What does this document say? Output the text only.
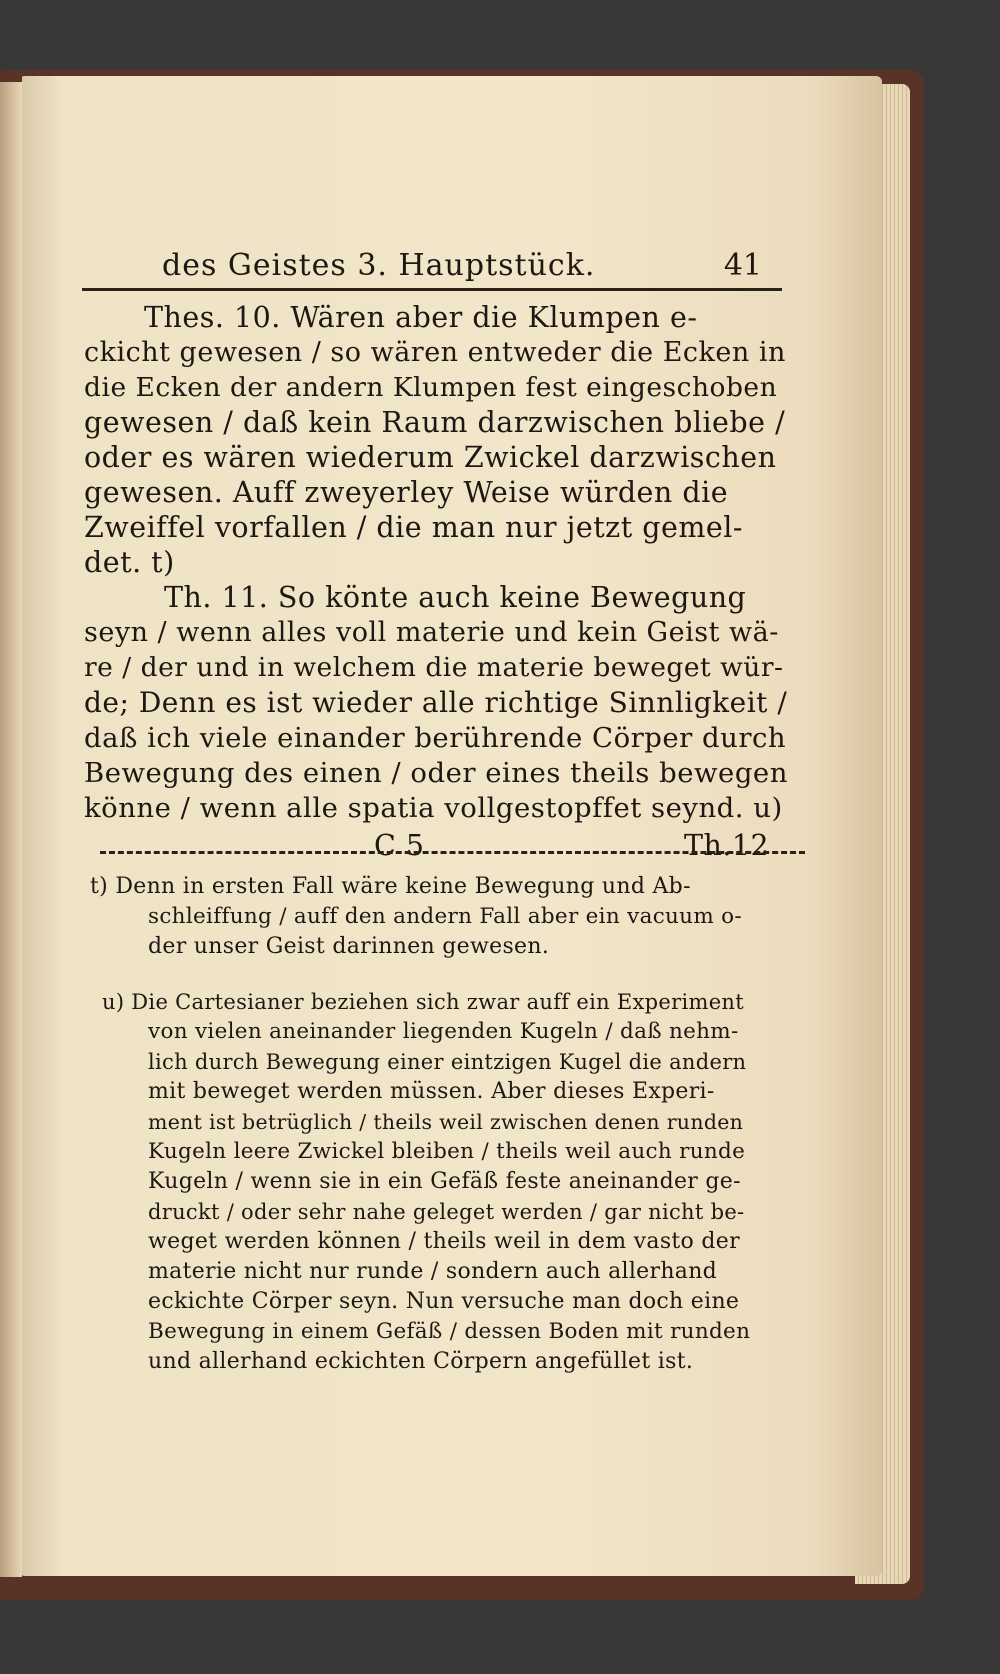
des Geistes 3. Hauptstück.	41
Thes. 10. Wären aber die Klumpen e-
ckicht gewesen / so wären entweder die Ecken in
die Ecken der andern Klumpen fest eingeschoben
gewesen / daß kein Raum darzwischen bliebe /
oder es wären wiederum Zwickel darzwischen
gewesen. Auff zweyerley Weise würden die
Zweiffel vorfallen / die man nur jetzt gemel-
det. t)
Th. 11. So könte auch keine Bewegung
seyn / wenn alles voll materie und kein Geist wä-
re / der und in welchem die materie beweget wür-
de; Denn es ist wieder alle richtige Sinnligkeit /
daß ich viele einander berührende Cörper durch
Bewegung des einen / oder eines theils bewegen
könne / wenn alle spatia vollgestopffet seynd. u)
C 5	Th.12
t) Denn in ersten Fall wäre keine Bewegung und Ab-
schleiffung / auff den andern Fall aber ein vacuum o-
der unser Geist darinnen gewesen.
u) Die Cartesianer beziehen sich zwar auff ein Experiment
von vielen aneinander liegenden Kugeln / daß nehm-
lich durch Bewegung einer eintzigen Kugel die andern
mit beweget werden müssen. Aber dieses Experi-
ment ist betrüglich / theils weil zwischen denen runden
Kugeln leere Zwickel bleiben / theils weil auch runde
Kugeln / wenn sie in ein Gefäß feste aneinander ge-
druckt / oder sehr nahe geleget werden / gar nicht be-
weget werden können / theils weil in dem vasto der
materie nicht nur runde / sondern auch allerhand
eckichte Cörper seyn. Nun versuche man doch eine
Bewegung in einem Gefäß / dessen Boden mit runden
und allerhand eckichten Cörpern angefüllet ist.
